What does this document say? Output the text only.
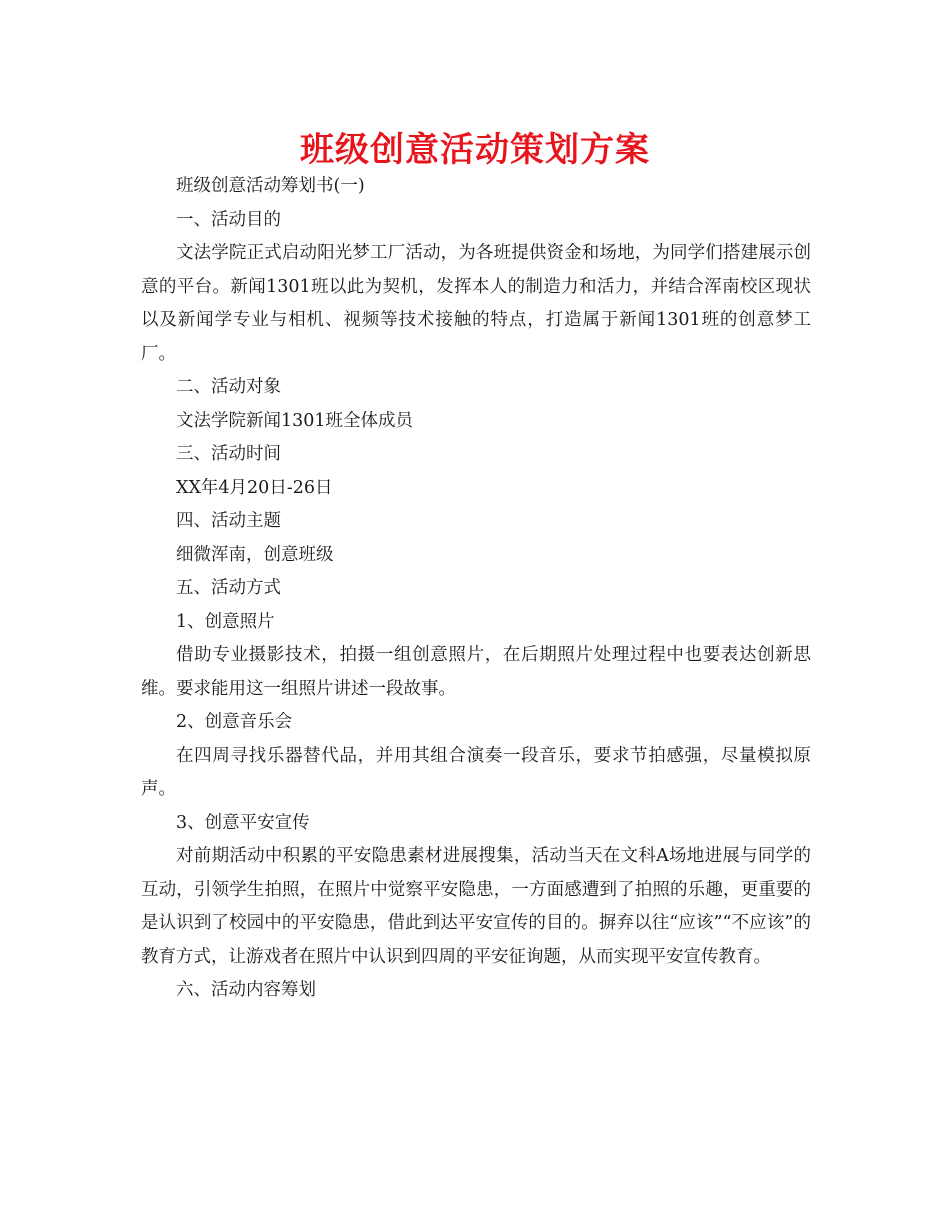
班级创意活动策划方案

班级创意活动筹划书(一)

一、活动目的

文法学院正式启动阳光梦工厂活动，为各班提供资金和场地，为同学们搭建展示创意的平台。新闻1301班以此为契机，发挥本人的制造力和活力，并结合浑南校区现状以及新闻学专业与相机、视频等技术接触的特点，打造属于新闻1301班的创意梦工厂。

二、活动对象

文法学院新闻1301班全体成员

三、活动时间

XX年4月20日-26日

四、活动主题

细微浑南，创意班级

五、活动方式

1、创意照片

借助专业摄影技术，拍摄一组创意照片，在后期照片处理过程中也要表达创新思维。要求能用这一组照片讲述一段故事。

2、创意音乐会

在四周寻找乐器替代品，并用其组合演奏一段音乐，要求节拍感强，尽量模拟原声。

3、创意平安宣传

对前期活动中积累的平安隐患素材进展搜集，活动当天在文科A场地进展与同学的互动，引领学生拍照，在照片中觉察平安隐患，一方面感遭到了拍照的乐趣，更重要的是认识到了校园中的平安隐患，借此到达平安宣传的目的。摒弃以往“应该”“不应该”的教育方式，让游戏者在照片中认识到四周的平安征询题，从而实现平安宣传教育。

六、活动内容筹划
